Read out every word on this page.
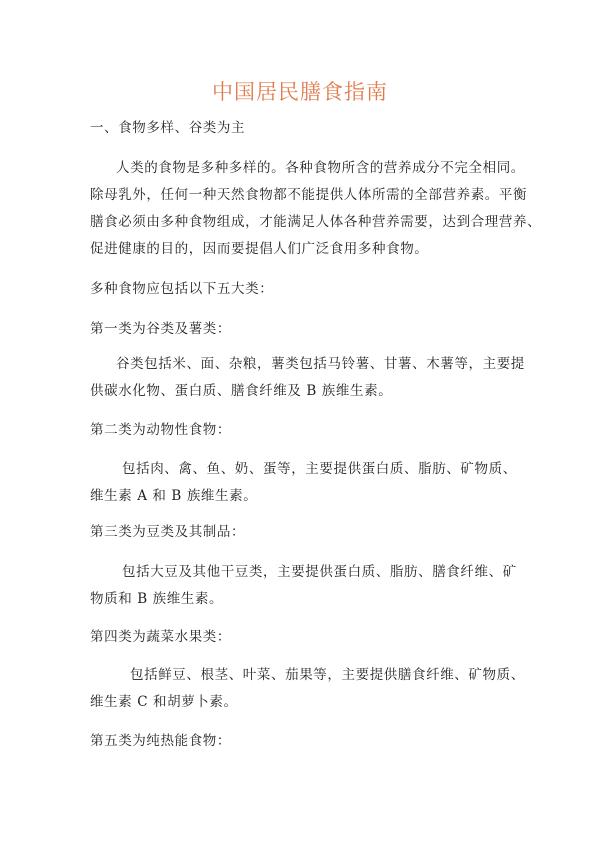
中国居民膳食指南
一、食物多样、谷类为主
人类的食物是多种多样的。各种食物所含的营养成分不完全相同。
除母乳外，任何一种天然食物都不能提供人体所需的全部营养素。平衡
膳食必须由多种食物组成，才能满足人体各种营养需要，达到合理营养、
促进健康的目的，因而要提倡人们广泛食用多种食物。
多种食物应包括以下五大类：
第一类为谷类及薯类：
谷类包括米、面、杂粮，薯类包括马铃薯、甘薯、木薯等，主要提
供碳水化物、蛋白质、膳食纤维及 B 族维生素。
第二类为动物性食物：
包括肉、禽、鱼、奶、蛋等，主要提供蛋白质、脂肪、矿物质、
维生素 A 和 B 族维生素。
第三类为豆类及其制品：
包括大豆及其他干豆类，主要提供蛋白质、脂肪、膳食纤维、矿
物质和 B 族维生素。
第四类为蔬菜水果类：
包括鲜豆、根茎、叶菜、茄果等，主要提供膳食纤维、矿物质、
维生素 C 和胡萝卜素。
第五类为纯热能食物：
